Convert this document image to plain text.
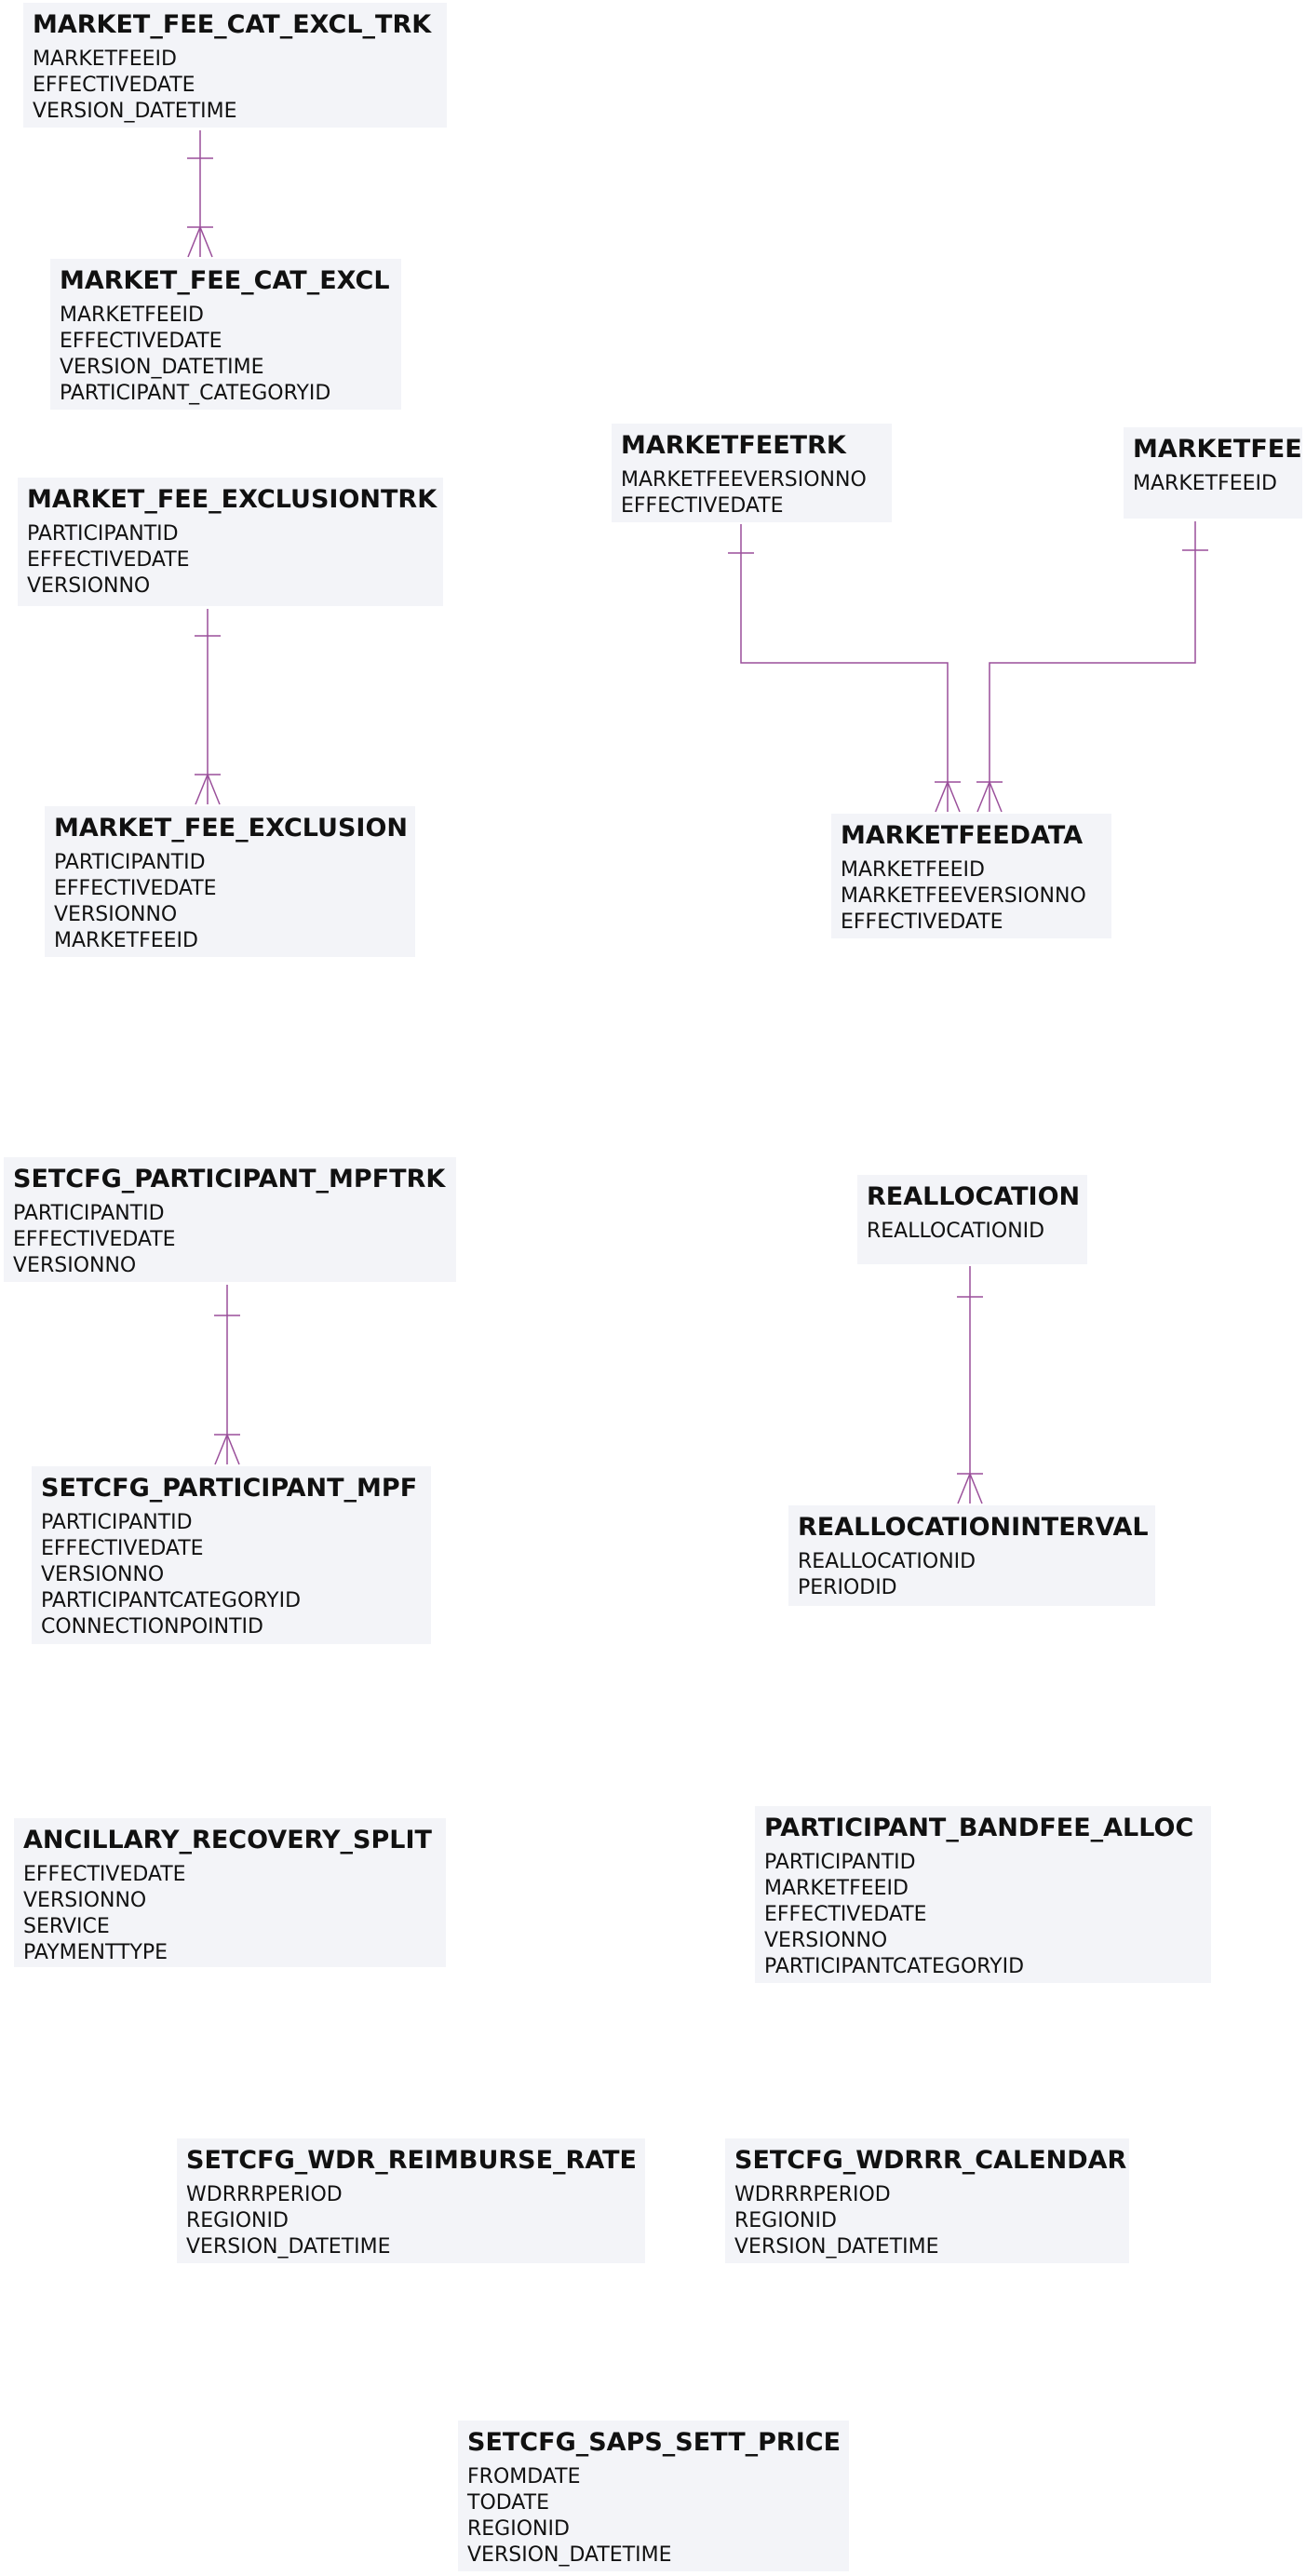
MARKET_FEE_CAT_EXCL_TRK
MARKETFEEID
EFFECTIVEDATE
VERSION_DATETIME
MARKET_FEE_CAT_EXCL
MARKETFEEID
EFFECTIVEDATE
VERSION_DATETIME
PARTICIPANT_CATEGORYID
MARKET_FEE_EXCLUSIONTRK
PARTICIPANTID
EFFECTIVEDATE
VERSIONNO
MARKET_FEE_EXCLUSION
PARTICIPANTID
EFFECTIVEDATE
VERSIONNO
MARKETFEEID
MARKETFEETRK
MARKETFEEVERSIONNO
EFFECTIVEDATE
MARKETFEE
MARKETFEEID
MARKETFEEDATA
MARKETFEEID
MARKETFEEVERSIONNO
EFFECTIVEDATE
SETCFG_PARTICIPANT_MPFTRK
PARTICIPANTID
EFFECTIVEDATE
VERSIONNO
REALLOCATION
REALLOCATIONID
SETCFG_PARTICIPANT_MPF
PARTICIPANTID
EFFECTIVEDATE
VERSIONNO
PARTICIPANTCATEGORYID
CONNECTIONPOINTID
REALLOCATIONINTERVAL
REALLOCATIONID
PERIODID
ANCILLARY_RECOVERY_SPLIT
EFFECTIVEDATE
VERSIONNO
SERVICE
PAYMENTTYPE
PARTICIPANT_BANDFEE_ALLOC
PARTICIPANTID
MARKETFEEID
EFFECTIVEDATE
VERSIONNO
PARTICIPANTCATEGORYID
SETCFG_WDR_REIMBURSE_RATE
WDRRRPERIOD
REGIONID
VERSION_DATETIME
SETCFG_WDRRR_CALENDAR
WDRRRPERIOD
REGIONID
VERSION_DATETIME
SETCFG_SAPS_SETT_PRICE
FROMDATE
TODATE
REGIONID
VERSION_DATETIME
